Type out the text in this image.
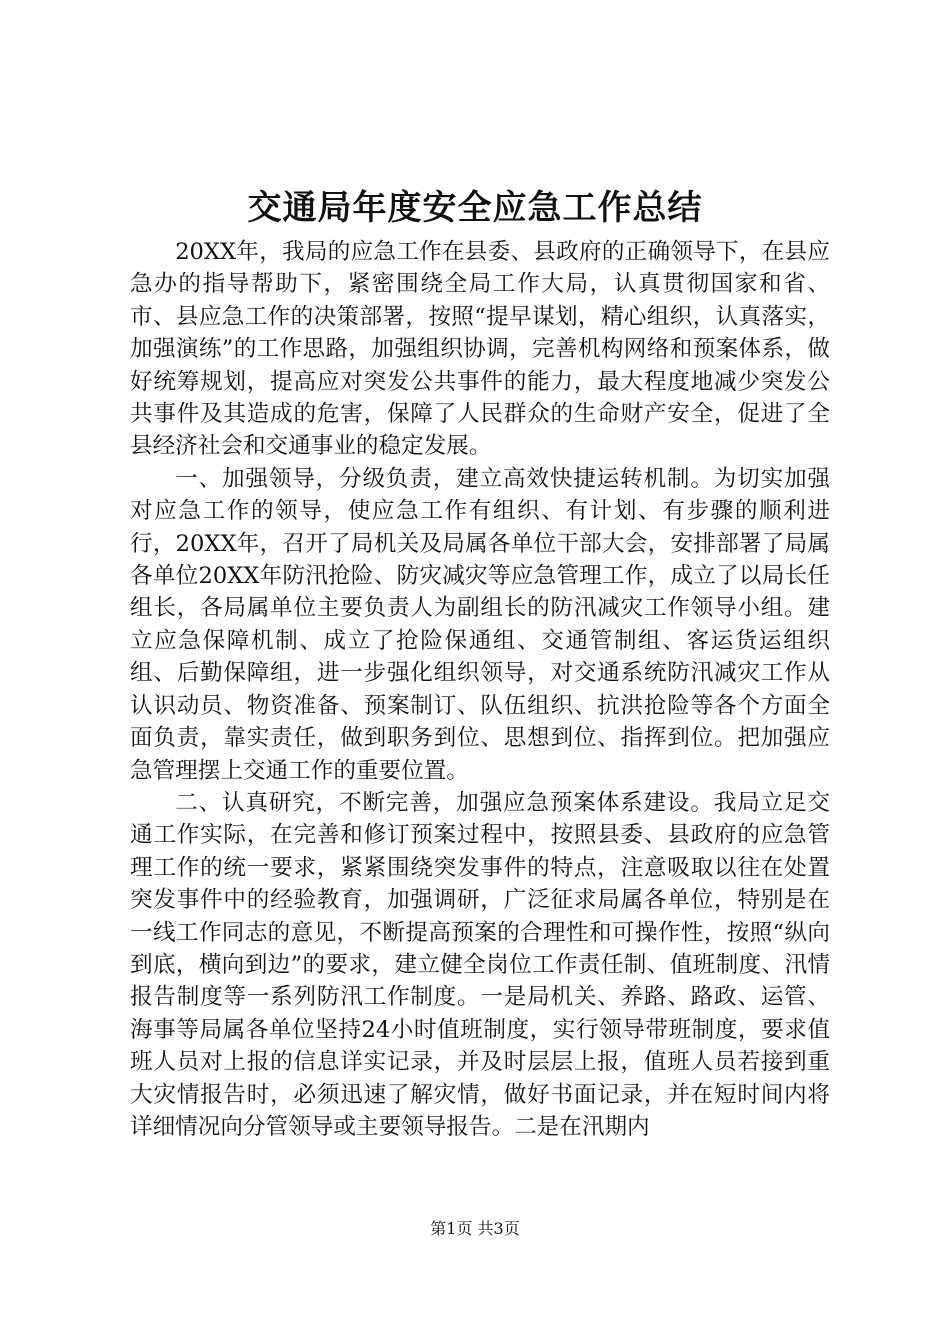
交通局年度安全应急工作总结

20XX年，我局的应急工作在县委、县政府的正确领导下，在县应急办的指导帮助下，紧密围绕全局工作大局，认真贯彻国家和省、市、县应急工作的决策部署，按照“提早谋划，精心组织，认真落实，加强演练”的工作思路，加强组织协调，完善机构网络和预案体系，做好统筹规划，提高应对突发公共事件的能力，最大程度地减少突发公共事件及其造成的危害，保障了人民群众的生命财产安全，促进了全县经济社会和交通事业的稳定发展。

一、加强领导，分级负责，建立高效快捷运转机制。为切实加强对应急工作的领导，使应急工作有组织、有计划、有步骤的顺利进行，20XX年，召开了局机关及局属各单位干部大会，安排部署了局属各单位20XX年防汛抢险、防灾减灾等应急管理工作，成立了以局长任组长，各局属单位主要负责人为副组长的防汛减灾工作领导小组。建立应急保障机制、成立了抢险保通组、交通管制组、客运货运组织组、后勤保障组，进一步强化组织领导，对交通系统防汛减灾工作从认识动员、物资准备、预案制订、队伍组织、抗洪抢险等各个方面全面负责，靠实责任，做到职务到位、思想到位、指挥到位。把加强应急管理摆上交通工作的重要位置。

二、认真研究，不断完善，加强应急预案体系建设。我局立足交通工作实际，在完善和修订预案过程中，按照县委、县政府的应急管理工作的统一要求，紧紧围绕突发事件的特点，注意吸取以往在处置突发事件中的经验教育，加强调研，广泛征求局属各单位，特别是在一线工作同志的意见，不断提高预案的合理性和可操作性，按照“纵向到底，横向到边”的要求，建立健全岗位工作责任制、值班制度、汛情报告制度等一系列防汛工作制度。一是局机关、养路、路政、运管、海事等局属各单位坚持24小时值班制度，实行领导带班制度，要求值班人员对上报的信息详实记录，并及时层层上报，值班人员若接到重大灾情报告时，必须迅速了解灾情，做好书面记录，并在短时间内将详细情况向分管领导或主要领导报告。二是在汛期内

第1页 共3页
